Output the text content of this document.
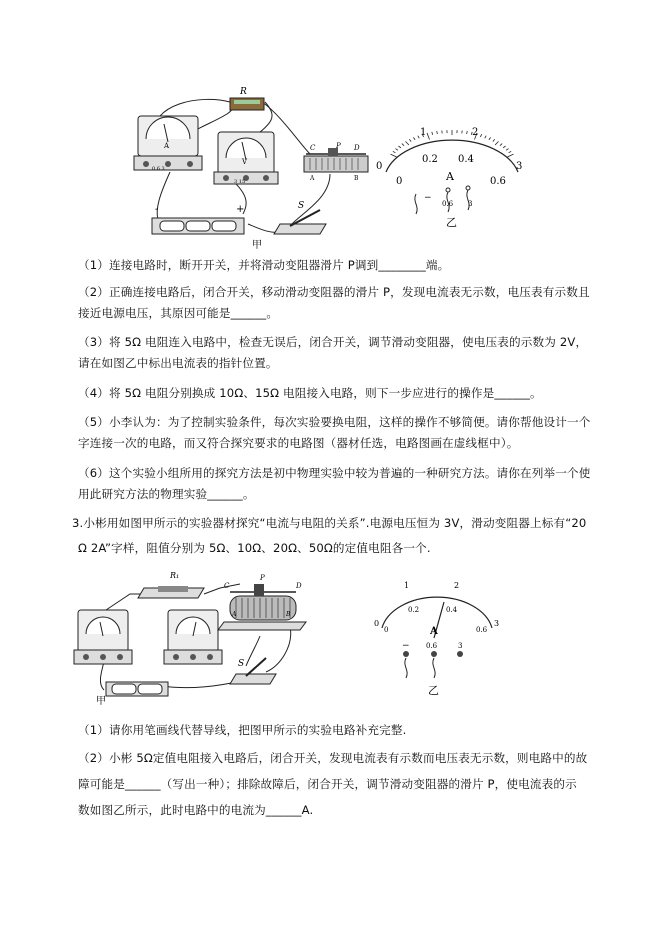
A
0.6 3
R
V
3 15
C	P D
A	B
-	+	S
甲
0
1	2
3
0
0.2 0.4
0.6
A
−
0.6 3
乙
（1）连接电路时，断开开关，并将滑动变阻器滑片 P调到________端。
（2）正确连接电路后，闭合开关，移动滑动变阻器的滑片 P，发现电流表无示数，电压表有示数且
接近电源电压，其原因可能是______。
（3）将 5Ω 电阻连入电路中，检查无误后，闭合开关，调节滑动变阻器，使电压表的示数为 2V，
请在如图乙中标出电流表的指针位置。
（4）将 5Ω 电阻分别换成 10Ω、15Ω 电阻接入电路，则下一步应进行的操作是______。
（5）小李认为：为了控制实验条件，每次实验要换电阻，这样的操作不够简便。请你帮他设计一个
字连接一次的电路，而又符合探究要求的电路图（器材任选，电路图画在虚线框中）。
（6）这个实验小组所用的探究方法是初中物理实验中较为普遍的一种研究方法。请你在列举一个使
用此研究方法的物理实验______。
3.小彬用如图甲所示的实验器材探究“电流与电阻的关系”.电源电压恒为 3V，滑动变阻器上标有“20
Ω 2A”字样，阻值分别为 5Ω、10Ω、20Ω、50Ω的定值电阻各一个.
R₁
C
P
D
A	B
S
甲
0
1	2
3
0
0.2	0.4
0.6
A
− 0.6	3
乙
（1）请你用笔画线代替导线，把图甲所示的实验电路补充完整.
（2）小彬 5Ω定值电阻接入电路后，闭合开关，发现电流表有示数而电压表无示数，则电路中的故
障可能是______（写出一种）；排除故障后，闭合开关，调节滑动变阻器的滑片 P，使电流表的示
数如图乙所示，此时电路中的电流为______A.
